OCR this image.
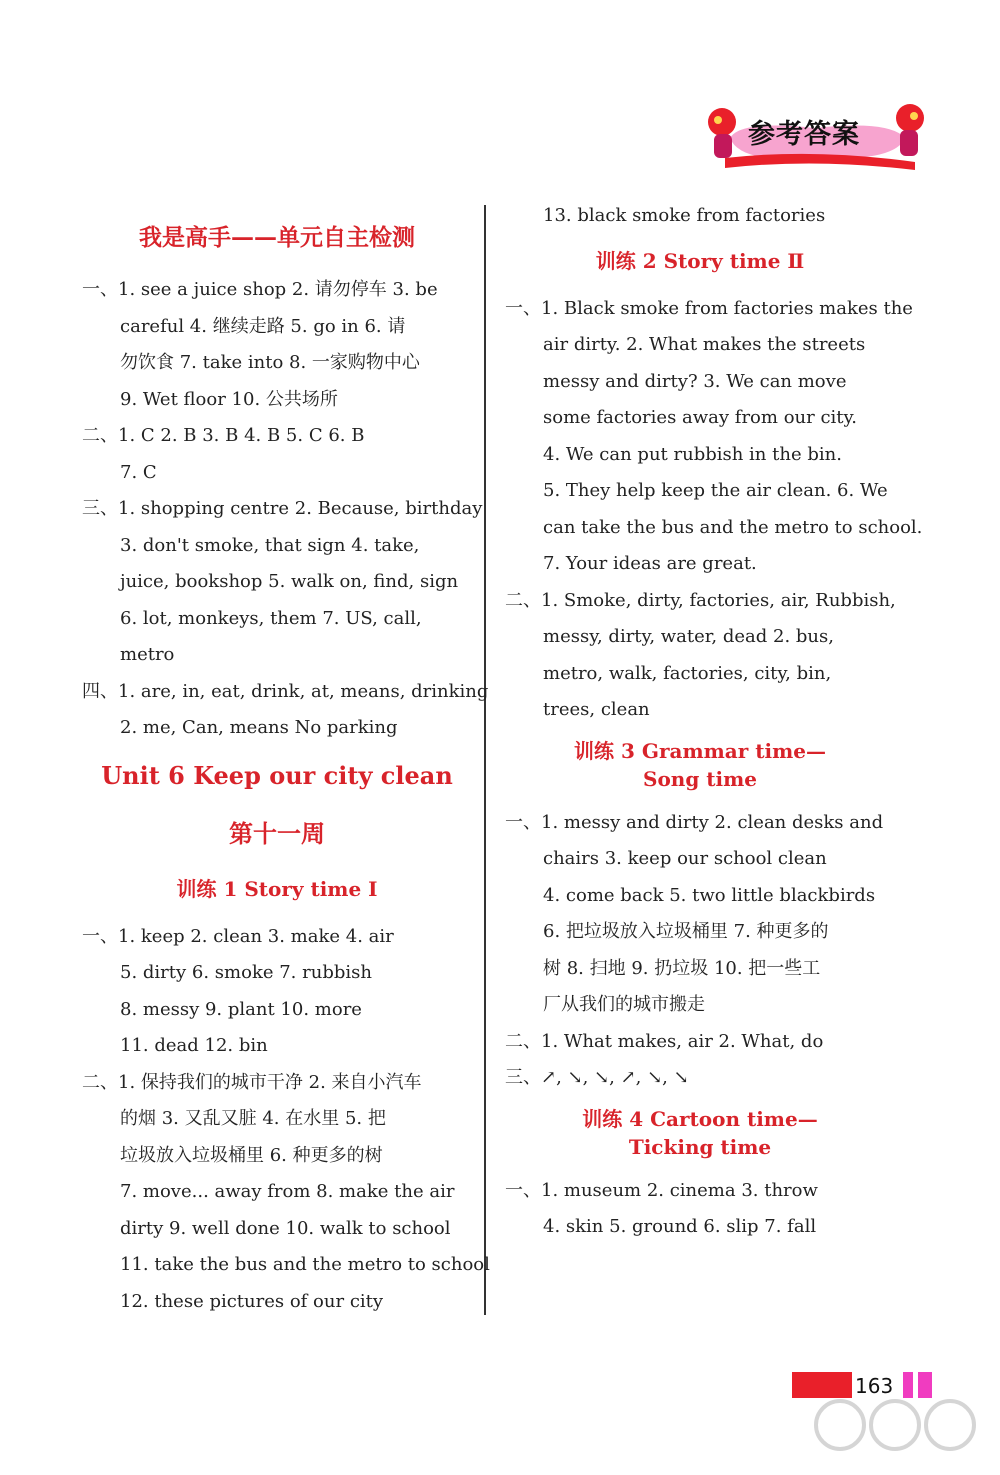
参考答案
我是高手——单元自主检测
一、1. see a juice shop 2. 请勿停车 3. be
careful 4. 继续走路 5. go in 6. 请
勿饮食 7. take into 8. 一家购物中心
9. Wet floor 10. 公共场所
二、1. C 2. B 3. B 4. B 5. C 6. B
7. C
三、1. shopping centre 2. Because, birthday
3. don't smoke, that sign 4. take,
juice, bookshop 5. walk on, find, sign
6. lot, monkeys, them 7. US, call,
metro
四、1. are, in, eat, drink, at, means, drinking
2. me, Can, means No parking
Unit 6 Keep our city clean
第十一周
训练 1 Story time Ⅰ
一、1. keep 2. clean 3. make 4. air
5. dirty 6. smoke 7. rubbish
8. messy 9. plant 10. more
11. dead 12. bin
二、1. 保持我们的城市干净 2. 来自小汽车
的烟 3. 又乱又脏 4. 在水里 5. 把
垃圾放入垃圾桶里 6. 种更多的树
7. move... away from 8. make the air
dirty 9. well done 10. walk to school
11. take the bus and the metro to school
12. these pictures of our city
13. black smoke from factories
训练 2 Story time Ⅱ
一、1. Black smoke from factories makes the
air dirty. 2. What makes the streets
messy and dirty? 3. We can move
some factories away from our city.
4. We can put rubbish in the bin.
5. They help keep the air clean. 6. We
can take the bus and the metro to school.
7. Your ideas are great.
二、1. Smoke, dirty, factories, air, Rubbish,
messy, dirty, water, dead 2. bus,
metro, walk, factories, city, bin,
trees, clean
训练 3 Grammar time—
Song time
一、1. messy and dirty 2. clean desks and
chairs 3. keep our school clean
4. come back 5. two little blackbirds
6. 把垃圾放入垃圾桶里 7. 种更多的
树 8. 扫地 9. 扔垃圾 10. 把一些工
厂从我们的城市搬走
二、1. What makes, air 2. What, do
三、↗, ↘, ↘, ↗, ↘, ↘
训练 4 Cartoon time—
Ticking time
一、1. museum 2. cinema 3. throw
4. skin 5. ground 6. slip 7. fall
163
